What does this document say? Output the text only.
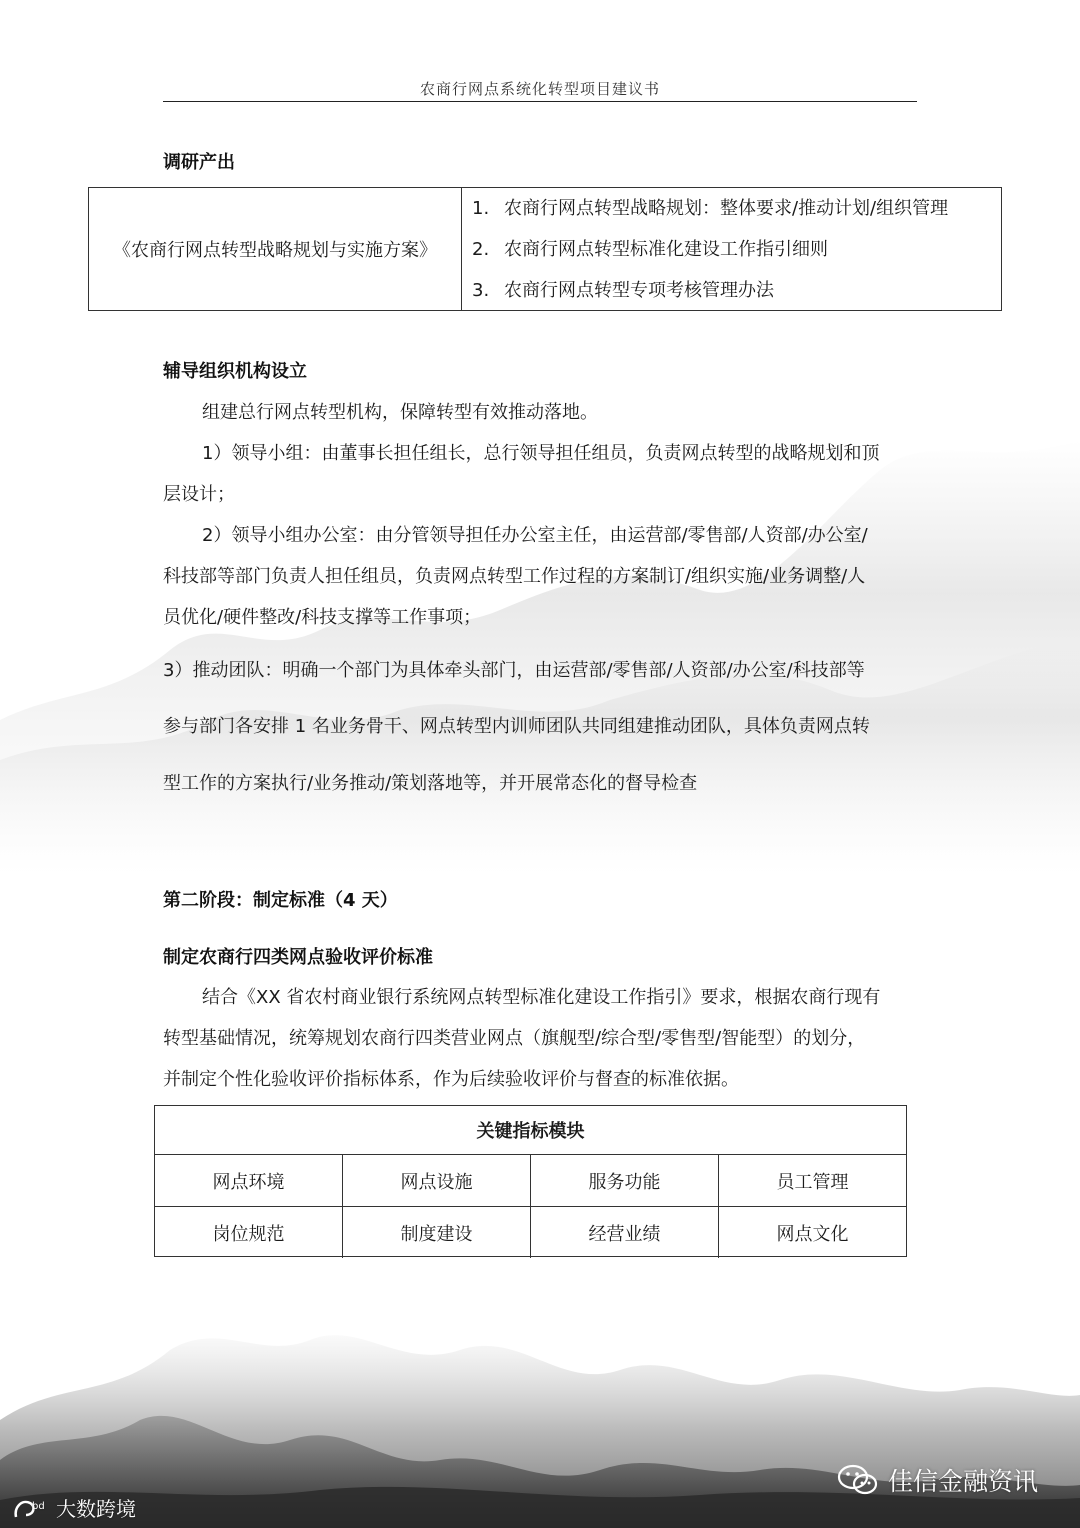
农商行网点系统化转型项目建议书
调研产出
《农商行网点转型战略规划与实施方案》
1. 农商行网点转型战略规划：整体要求/推动计划/组织管理
2. 农商行网点转型标准化建设工作指引细则
3. 农商行网点转型专项考核管理办法
辅导组织机构设立
组建总行网点转型机构，保障转型有效推动落地。
1）领导小组：由董事长担任组长，总行领导担任组员，负责网点转型的战略规划和顶
层设计；
2）领导小组办公室：由分管领导担任办公室主任，由运营部/零售部/人资部/办公室/
科技部等部门负责人担任组员，负责网点转型工作过程的方案制订/组织实施/业务调整/人
员优化/硬件整改/科技支撑等工作事项；
3）推动团队：明确一个部门为具体牵头部门，由运营部/零售部/人资部/办公室/科技部等
参与部门各安排 1 名业务骨干、网点转型内训师团队共同组建推动团队，具体负责网点转
型工作的方案执行/业务推动/策划落地等，并开展常态化的督导检查
第二阶段：制定标准（4 天）
制定农商行四类网点验收评价标准
结合《XX 省农村商业银行系统网点转型标准化建设工作指引》要求，根据农商行现有
转型基础情况，统筹规划农商行四类营业网点（旗舰型/综合型/零售型/智能型）的划分，
并制定个性化验收评价指标体系，作为后续验收评价与督查的标准依据。
关键指标模块
网点环境	网点设施	服务功能	员工管理
岗位规范	制度建设	经营业绩	网点文化
bd 大数跨境
佳信金融资讯
